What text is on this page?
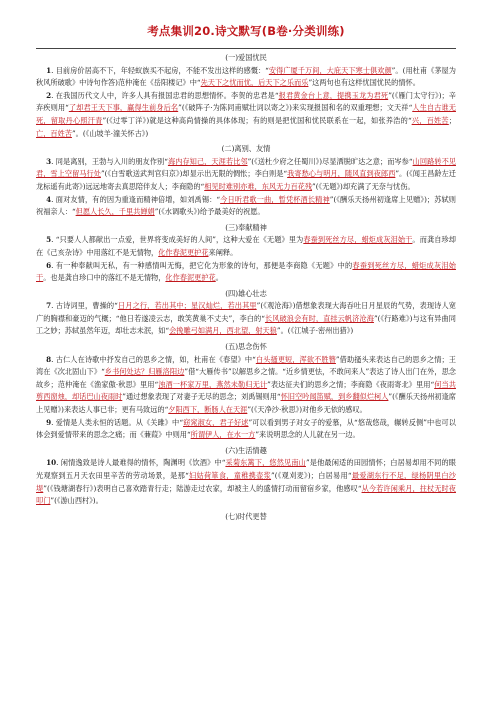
考点集训20.诗文默写(B卷·分类训练)

(一)爱国忧民

1. 目前房价居高不下，年轻蚁族买不起房，不能不发出这样的感慨：“安得广厦千万间，大庇天下寒士俱欢颜”。(用杜甫《茅屋为秋风所破歌》中诗句作答)范仲淹在《岳阳楼记》中“先天下之忧而忧，后天下之乐而乐”这两句也有这样忧国忧民的情怀。

2. 在我国历代文人中，许多人具有报国忠君的思想情怀。李贺的忠君是“报君黄金台上意，提携玉龙为君死”(《雁门太守行》)；辛弃疾则用“了却君王天下事，赢得生前身后名”(《破阵子·为陈同甫赋壮词以寄之》)来实现报国和名的双重理想；文天祥“人生自古谁无死，留取丹心照汗青”(《过零丁洋》)就是这种高尚情操的具体体现；有的则是把忧国和忧民联系在一起，如张养浩的“兴，百姓苦；亡，百姓苦”。(《山坡羊·潼关怀古》)

(二)离别、友情

3. 同是离别，王勃与入川的朋友作别“海内存知己，天涯若比邻”(《送杜少府之任蜀川》)尽显洒脱旷达之意；而岑参“山回路转不见君，雪上空留马行处”(《白雪歌送武判官归京》)却显示出无限的惆怅；李白则是“我寄愁心与明月，随风直到夜郎西”。(《闻王昌龄左迁龙标遥有此寄》)远远地寄去真思陪伴友人；李商隐的“相见时难别亦难，东风无力百花残”(《无题》)却充满了无奈与忧伤。

4. 面对友情，有的因为重逢而精神倍增，如刘禹锡：“今日听君歌一曲，暂凭杯酒长精神”(《酬乐天扬州初逢席上见赠》)；苏轼则祝福亲人：“但愿人长久，千里共婵娟”(《水调歌头》)给予最美好的祝愿。

(三)奉献精神

5. “只要人人都献出一点爱，世界将变成美好的人间”，这种大爱在《无题》里为春蚕到死丝方尽，蜡炬成灰泪始干。而龚自珍却在《己亥杂诗》中用落红不是无情物，化作春泥更护花来阐释。

6. 有一种奉献叫无私，有一种感情叫无悔，把它化为形象的诗句，那便是李商隐《无题》中的春蚕到死丝方尽，蜡炬成灰泪始干。也是龚自珍口中的落红不是无情物，化作春泥更护花。

(四)雄心壮志

7. 古诗词里，曹操的“日月之行，若出其中；星汉灿烂，若出其里”(《观沧海》)借想象表现大海吞吐日月星辰的气势，表现诗人宽广的胸襟和豪迈的气概；“他日若遂凌云志，敢笑黄巢不丈夫”，李白的“长风破浪会有时，直挂云帆济沧海”(《行路难》)与这有异曲同工之妙；苏轼虽然年迈，却壮志未泯，如“会挽雕弓如满月，西北望，射天狼”。(《江城子·密州出猎》)

(五)思念伤怀

8. 古仁人在诗歌中抒发自己的思乡之情，如，杜甫在《春望》中“白头搔更短，浑欲不胜簪”借助搔头来表达自己的思乡之情；王湾在《次北固山下》“乡书何处达？归雁洛阳边”借“大雁传书”以解思乡之情。“近乡情更怯，不敢问来人”表达了诗人出门在外，思念故乡；范仲淹在《渔家傲·秋思》里用“浊酒一杯家万里，燕然未勒归无计”表达征夫们的思乡之情；李商隐《夜雨寄北》里用“何当共剪西窗烛，却话巴山夜雨时”通过想象表现了对妻子无尽的思念；刘禹锡则用“怀旧空吟闻笛赋，到乡翻似烂柯人”(《酬乐天扬州初逢席上见赠》)来表达人事已非；更有马致远的“夕阳西下，断肠人在天涯”(《天净沙·秋思》)对他乡无依的感叹。

9. 爱情是人类永恒的话题。从《关雎》中“窈窕淑女，君子好逑”可以看到男子对女子的爱慕，从“悠哉悠哉，辗转反侧”中也可以体会到爱情带来的思念之痛；而《蒹葭》中则用“所谓伊人，在水一方”来说明思念的人儿就在另一边。

(六)生活情趣

10. 闲情逸致是诗人最难得的情怀，陶渊明《饮酒》中“采菊东篱下，悠然见南山”是他最闲适的田园情怀；白居易却用不同的眼光观察到五月天农田里辛苦的劳动场景，是那“妇姑荷箪食，童稚携壶浆”(《观刈麦》)；白居易用“最爱湖东行不足，绿杨阴里白沙堤”(《钱塘湖春行》)表明自己喜欢踏青行走；陆游走过农家，却被主人的盛情打动而留宿乡家，他感叹“从今若许闲乘月，拄杖无时夜叩门”(《游山西村》)。

(七)时代更替
